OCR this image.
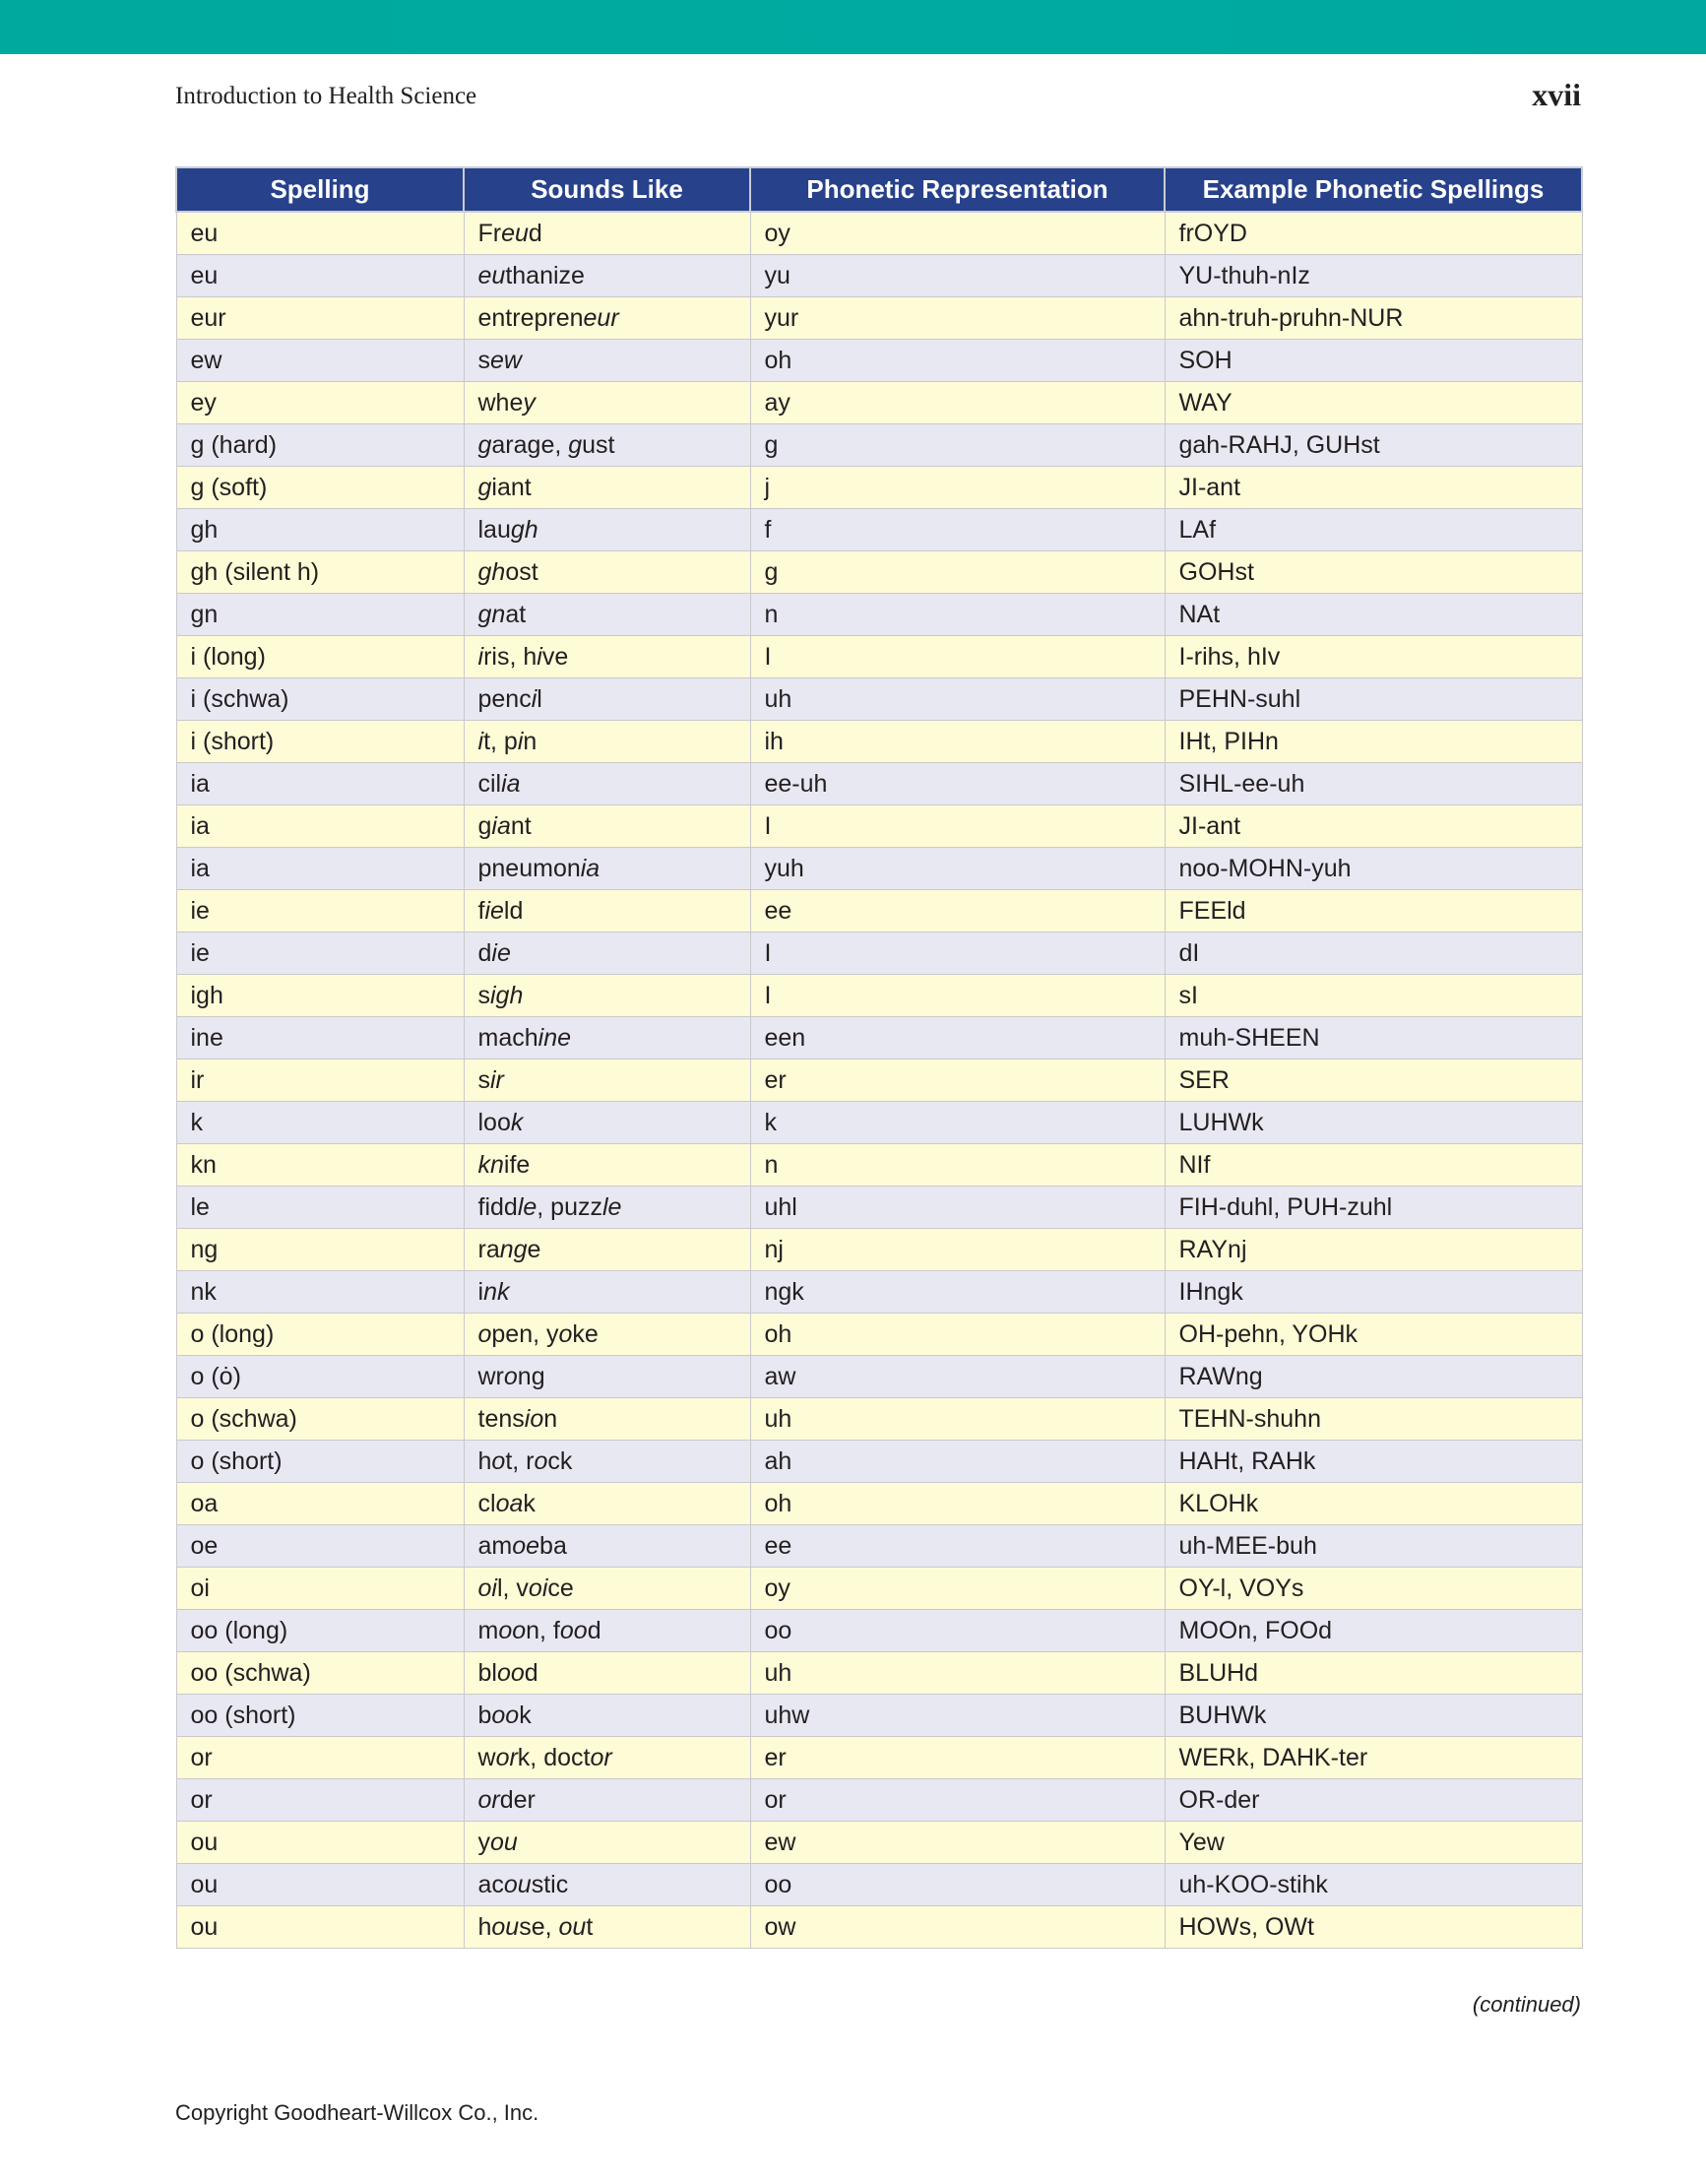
Introduction to Health Science	xvii
Spelling	Sounds Like	Phonetic Representation	Example Phonetic Spellings
eu	Freud	oy	frOYD
eu	euthanize	yu	YU-thuh-nIz
eur	entrepreneur	yur	ahn-truh-pruhn-NUR
ew	sew	oh	SOH
ey	whey	ay	WAY
g (hard)	garage, gust	g	gah-RAHJ, GUHst
g (soft)	giant	j	JI-ant
gh	laugh	f	LAf
gh (silent h)	ghost	g	GOHst
gn	gnat	n	NAt
i (long)	iris, hive	I	I-rihs, hIv
i (schwa)	pencil	uh	PEHN-suhl
i (short)	it, pin	ih	IHt, PIHn
ia	cilia	ee-uh	SIHL-ee-uh
ia	giant	I	JI-ant
ia	pneumonia	yuh	noo-MOHN-yuh
ie	field	ee	FEEld
ie	die	I	dI
igh	sigh	I	sI
ine	machine	een	muh-SHEEN
ir	sir	er	SER
k	look	k	LUHWk
kn	knife	n	NIf
le	fiddle, puzzle	uhl	FIH-duhl, PUH-zuhl
ng	range	nj	RAYnj
nk	ink	ngk	IHngk
o (long)	open, yoke	oh	OH-pehn, YOHk
o (ȯ)	wrong	aw	RAWng
o (schwa)	tension	uh	TEHN-shuhn
o (short)	hot, rock	ah	HAHt, RAHk
oa	cloak	oh	KLOHk
oe	amoeba	ee	uh-MEE-buh
oi	oil, voice	oy	OY-l, VOYs
oo (long)	moon, food	oo	MOOn, FOOd
oo (schwa)	blood	uh	BLUHd
oo (short)	book	uhw	BUHWk
or	work, doctor	er	WERk, DAHK-ter
or	order	or	OR-der
ou	you	ew	Yew
ou	acoustic	oo	uh-KOO-stihk
ou	house, out	ow	HOWs, OWt
(continued)
Copyright Goodheart-Willcox Co., Inc.
